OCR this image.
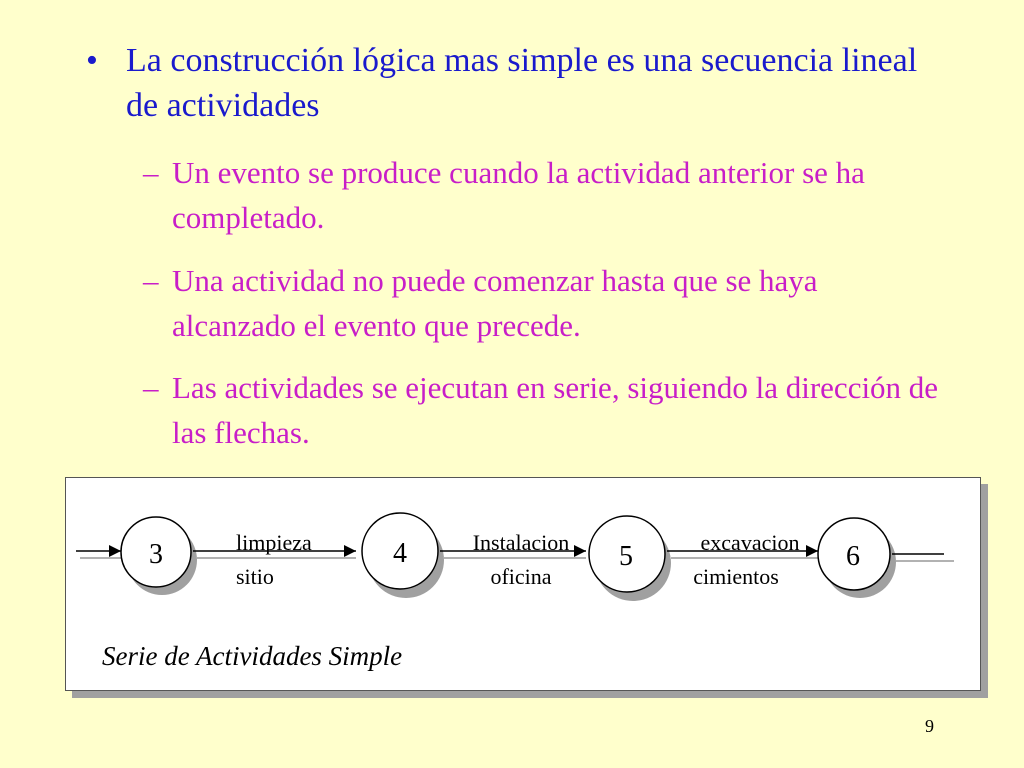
• La construcción lógica mas simple es una secuencia lineal de actividades
– Un evento se produce cuando la actividad anterior se ha completado.
– Una actividad no puede comenzar hasta que se haya alcanzado el evento que precede.
– Las actividades se ejecutan en serie, siguiendo la dirección de las flechas.
3	limpieza
sitio
4	Instalacion
oficina
5	excavacion
cimientos
6
Serie de Actividades Simple
9
